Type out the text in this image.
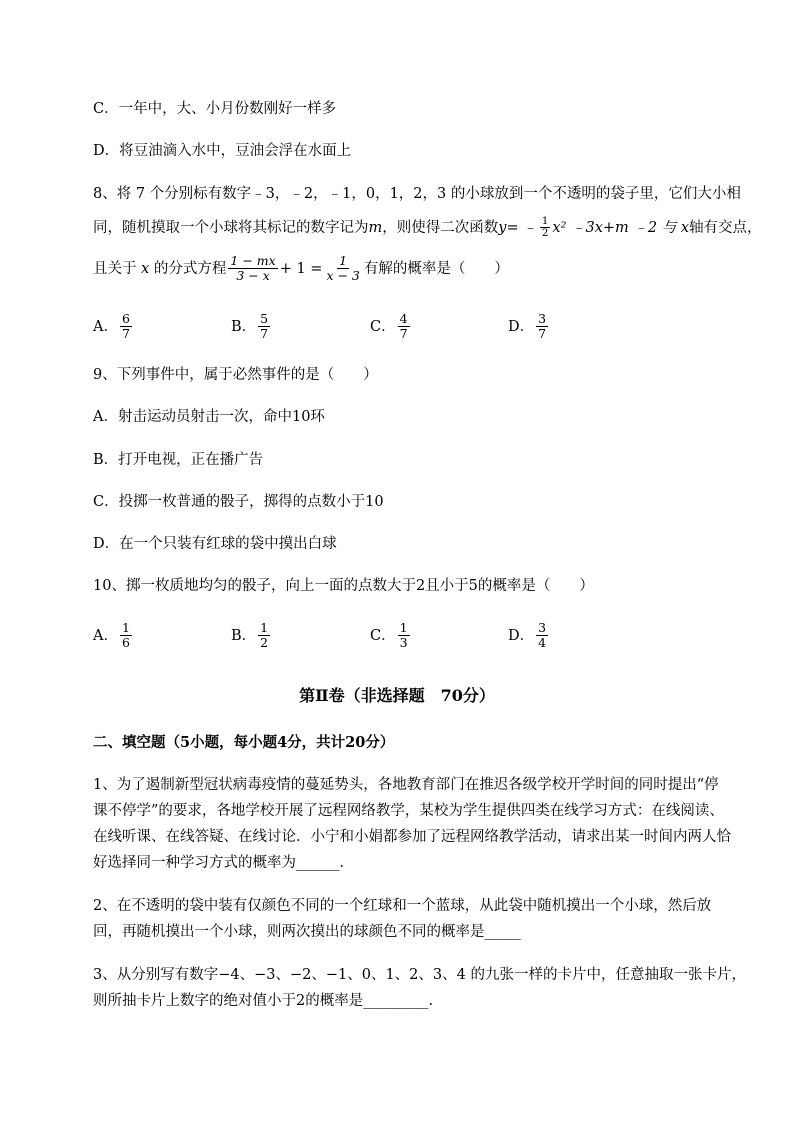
C．一年中，大、小月份数刚好一样多
D．将豆油滴入水中，豆油会浮在水面上
8、将 7 个分别标有数字﹣3，﹣2，﹣1，0，1，2，3 的小球放到一个不透明的袋子里，它们大小相
同，随机摸取一个小球将其标记的数字记为 m ，则使得二次函数 y = ﹣ $\frac{1}{2} x^2$ ﹣3x+m ﹣2 与
x 轴有交点，
且关于
x
的分式方程 $\frac{1 - mx}{3 - x} + 1 = \frac{1}{x - 3}$ 有解的概率是（　　）
A． $\frac{6}{7}$	B． $\frac{5}{7}$	C． $\frac{4}{7}$	D． $\frac{3}{7}$
9、下列事件中，属于必然事件的是（　　）
A．射击运动员射击一次，命中10环
B．打开电视，正在播广告
C．投掷一枚普通的骰子，掷得的点数小于10
D．在一个只装有红球的袋中摸出白球
10、掷一枚质地均匀的骰子，向上一面的点数大于2且小于5的概率是（　　）
A． $\frac{1}{6}$	B． $\frac{1}{2}$	C． $\frac{1}{3}$	D． $\frac{3}{4}$
第Ⅱ卷（非选择题　70分）
二、填空题（5小题，每小题4分，共计20分）
1、为了遏制新型冠状病毒疫情的蔓延势头，各地教育部门在推迟各级学校开学时间的同时提出“停
课不停学”的要求，各地学校开展了远程网络教学，某校为学生提供四类在线学习方式：在线阅读、
在线听课、在线答疑、在线讨论．小宁和小娟都参加了远程网络教学活动，请求出某一时间内两人恰
好选择同一种学习方式的概率为______．
2、在不透明的袋中装有仅颜色不同的一个红球和一个蓝球，从此袋中随机摸出一个小球，然后放
回，再随机摸出一个小球，则两次摸出的球颜色不同的概率是_____
3、从分别写有数字−4、−3、−2、−1、0、1、2、3、4 的九张一样的卡片中，任意抽取一张卡片，
则所抽卡片上数字的绝对值小于2的概率是_________.
